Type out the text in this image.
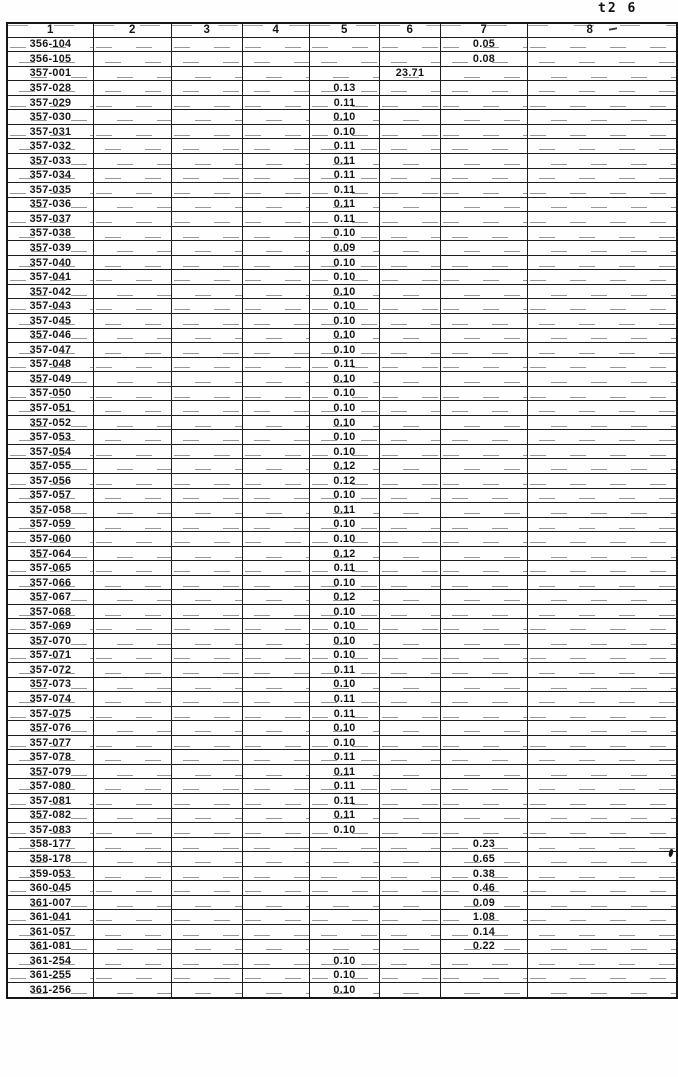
t2 6
1	2	3	4	5	6	7	8
356-104						0.05	
356-105						0.08	
357-001					23.71		
357-028				0.13			
357-029				0.11			
357-030				0.10			
357-031				0.10			
357-032				0.11			
357-033				0.11			
357-034				0.11			
357-035				0.11			
357-036				0.11			
357-037				0.11			
357-038				0.10			
357-039				0.09			
357-040				0.10			
357-041				0.10			
357-042				0.10			
357-043				0.10			
357-045				0.10			
357-046				0.10			
357-047				0.10			
357-048				0.11			
357-049				0.10			
357-050				0.10			
357-051				0.10			
357-052				0.10			
357-053				0.10			
357-054				0.10			
357-055				0.12			
357-056				0.12			
357-057				0.10			
357-058				0.11			
357-059				0.10			
357-060				0.10			
357-064				0.12			
357-065				0.11			
357-066				0.10			
357-067				0.12			
357-068				0.10			
357-069				0.10			
357-070				0.10			
357-071				0.10			
357-072				0.11			
357-073				0.10			
357-074				0.11			
357-075				0.11			
357-076				0.10			
357-077				0.10			
357-078				0.11			
357-079				0.11			
357-080				0.11			
357-081				0.11			
357-082				0.11			
357-083				0.10			
358-177						0.23	
358-178						0.65	
359-053						0.38	
360-045						0.46	
361-007						0.09	
361-041						1.08	
361-057						0.14	
361-081						0.22	
361-254				0.10			
361-255				0.10			
361-256				0.10			
